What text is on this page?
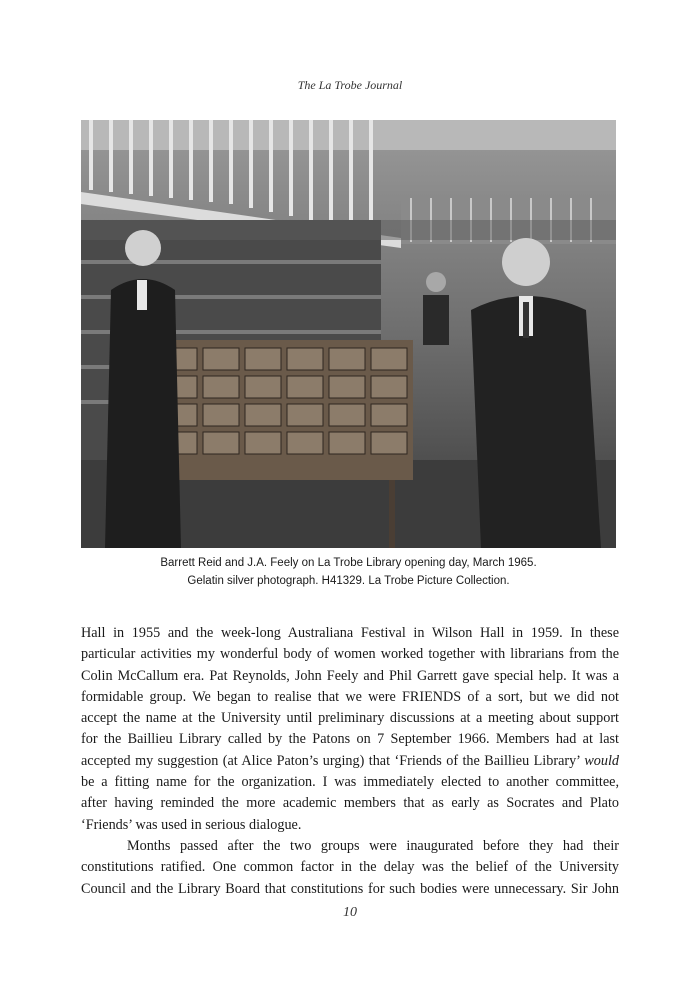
The La Trobe Journal
Barrett Reid and J.A. Feely on La Trobe Library opening day, March 1965.
Gelatin silver photograph. H41329. La Trobe Picture Collection.
Hall in 1955 and the week-long Australiana Festival in Wilson Hall in 1959. In these
particular activities my wonderful body of women worked together with librarians from the
Colin McCallum era. Pat Reynolds, John Feely and Phil Garrett gave special help. It was a
formidable group. We began to realise that we were FRIENDS of a sort, but we did not
accept the name at the University until preliminary discussions at a meeting about support
for the Baillieu Library called by the Patons on 7 September 1966. Members had at last
accepted my suggestion (at Alice Paton’s urging) that ‘Friends of the Baillieu Library’ would
be a fitting name for the organization. I was immediately elected to another committee,
after having reminded the more academic members that as early as Socrates and Plato
‘Friends’ was used in serious dialogue.
Months passed after the two groups were inaugurated before they had their
constitutions ratified. One common factor in the delay was the belief of the University
Council and the Library Board that constitutions for such bodies were unnecessary. Sir John
10
